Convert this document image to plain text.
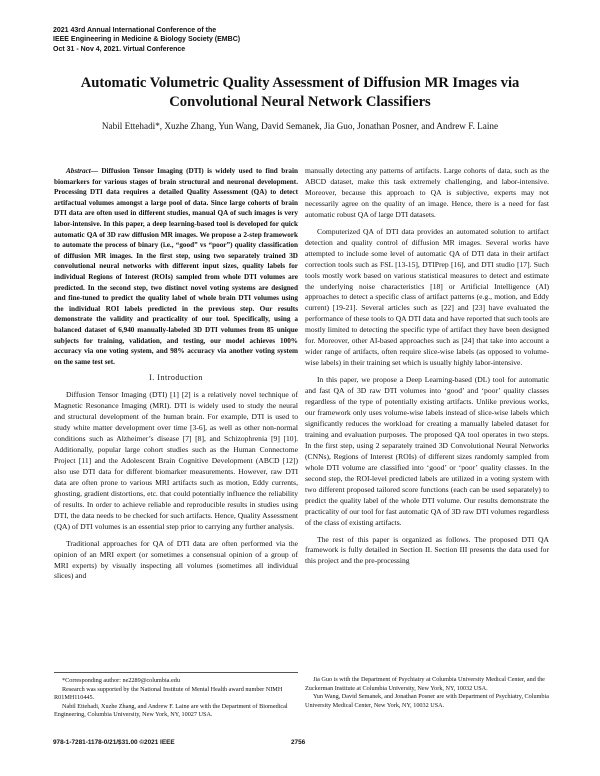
2021 43rd Annual International Conference of the
IEEE Engineering in Medicine & Biology Society (EMBC)
Oct 31 - Nov 4, 2021. Virtual Conference
Automatic Volumetric Quality Assessment of Diffusion MR Images via Convolutional Neural Network Classifiers
Nabil Ettehadi*, Xuzhe Zhang, Yun Wang, David Semanek, Jia Guo, Jonathan Posner, and Andrew F. Laine

Abstract— Diffusion Tensor Imaging (DTI) is widely used to find brain biomarkers for various stages of brain structural and neuronal development. Processing DTI data requires a detailed Quality Assessment (QA) to detect artifactual volumes amongst a large pool of data. Since large cohorts of brain DTI data are often used in different studies, manual QA of such images is very labor-intensive. In this paper, a deep learning-based tool is developed for quick automatic QA of 3D raw diffusion MR images. We propose a 2-step framework to automate the process of binary (i.e., “good” vs “poor”) quality classification of diffusion MR images. In the first step, using two separately trained 3D convolutional neural networks with different input sizes, quality labels for individual Regions of Interest (ROIs) sampled from whole DTI volumes are predicted. In the second step, two distinct novel voting systems are designed and fine-tuned to predict the quality label of whole brain DTI volumes using the individual ROI labels predicted in the previous step. Our results demonstrate the validity and practicality of our tool. Specifically, using a balanced dataset of 6,940 manually-labeled 3D DTI volumes from 85 unique subjects for training, validation, and testing, our model achieves 100% accuracy via one voting system, and 98% accuracy via another voting system on the same test set.

I. Introduction

Diffusion Tensor Imaging (DTI) [1] [2] is a relatively novel technique of Magnetic Resonance Imaging (MRI). DTI is widely used to study the neural and structural development of the human brain. For example, DTI is used to study white matter development over time [3-6], as well as other non-normal conditions such as Alzheimer’s disease [7] [8], and Schizophrenia [9] [10]. Additionally, popular large cohort studies such as the Human Connectome Project [11] and the Adolescent Brain Cognitive Development (ABCD [12]) also use DTI data for different biomarker measurements. However, raw DTI data are often prone to various MRI artifacts such as motion, Eddy currents, ghosting, gradient distortions, etc. that could potentially influence the reliability of results. In order to achieve reliable and reproducible results in studies using DTI, the data needs to be checked for such artifacts. Hence, Quality Assessment (QA) of DTI volumes is an essential step prior to carrying any further analysis.

Traditional approaches for QA of DTI data are often performed via the opinion of an MRI expert (or sometimes a consensual opinion of a group of MRI experts) by visually inspecting all volumes (sometimes all individual slices) and

manually detecting any patterns of artifacts. Large cohorts of data, such as the ABCD dataset, make this task extremely challenging, and labor-intensive. Moreover, because this approach to QA is subjective, experts may not necessarily agree on the quality of an image. Hence, there is a need for fast automatic robust QA of large DTI datasets.

Computerized QA of DTI data provides an automated solution to artifact detection and quality control of diffusion MR images. Several works have attempted to include some level of automatic QA of DTI data in their artifact correction tools such as FSL [13-15], DTIPrep [16], and DTI studio [17]. Such tools mostly work based on various statistical measures to detect and estimate the underlying noise characteristics [18] or Artificial Intelligence (AI) approaches to detect a specific class of artifact patterns (e.g., motion, and Eddy current) [19-21]. Several articles such as [22] and [23] have evaluated the performance of these tools to QA DTI data and have reported that such tools are mostly limited to detecting the specific type of artifact they have been designed for. Moreover, other AI-based approaches such as [24] that take into account a wider range of artifacts, often require slice-wise labels (as opposed to volume-wise labels) in their training set which is usually highly labor-intensive.

In this paper, we propose a Deep Learning-based (DL) tool for automatic and fast QA of 3D raw DTI volumes into ‘good’ and ‘poor’ quality classes regardless of the type of potentially existing artifacts. Unlike previous works, our framework only uses volume-wise labels instead of slice-wise labels which significantly reduces the workload for creating a manually labeled dataset for training and evaluation purposes. The proposed QA tool operates in two steps. In the first step, using 2 separately trained 3D Convolutional Neural Networks (CNNs), Regions of Interest (ROIs) of different sizes randomly sampled from whole DTI volume are classified into ‘good’ or ‘poor’ quality classes. In the second step, the ROI-level predicted labels are utilized in a voting system with two different proposed tailored score functions (each can be used separately) to predict the quality label of the whole DTI volume. Our results demonstrate the practicality of our tool for fast automatic QA of 3D raw DTI volumes regardless of the class of existing artifacts.

The rest of this paper is organized as follows. The proposed DTI QA framework is fully detailed in Section II. Section III presents the data used for this project and the pre-processing

*Corresponding author: ne2289@columbia.edu

Research was supported by the National Institute of Mental Health award number NIMH R01MH110445.

Nabil Ettehadi, Xuzhe Zhang, and Andrew F. Laine are with the Department of Biomedical Engineering, Columbia University, New York, NY, 10027 USA.

Jia Guo is with the Department of Psychiatry at Columbia University Medical Center, and the Zuckerman Institute at Columbia University, New York, NY, 10032 USA.

Yun Wang, David Semanek, and Jonathan Posner are with Department of Psychiatry, Columbia University Medical Center, New York, NY, 10032 USA.

978-1-7281-1178-0/21/$31.00 ©2021 IEEE	2756
